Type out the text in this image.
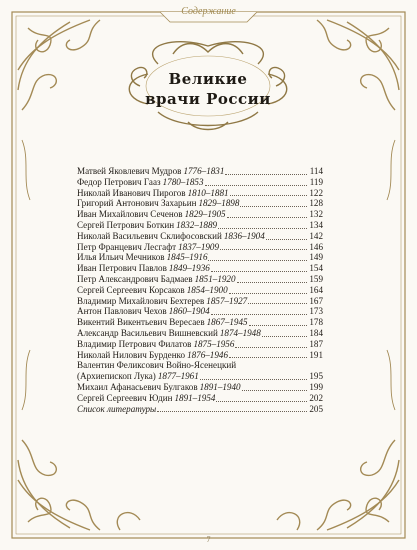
Содержание
Великие
врачи России
Матвей Яковлевич Мудров 1776–1831	114
Федор Петрович Гааз 1780–1853	119
Николай Иванович Пирогов 1810–1881	122
Григорий Антонович Захарьин 1829–1898	128
Иван Михайлович Сеченов 1829–1905	132
Сергей Петрович Боткин 1832–1889	134
Николай Васильевич Склифосовский 1836–1904	142
Петр Францевич Лесгафт 1837–1909	146
Илья Ильич Мечников 1845–1916	149
Иван Петрович Павлов 1849–1936	154
Петр Александрович Бадмаев 1851–1920	159
Сергей Сергеевич Корсаков 1854–1900	164
Владимир Михайлович Бехтерев 1857–1927	167
Антон Павлович Чехов 1860–1904	173
Викентий Викентьевич Вересаев 1867–1945	178
Александр Васильевич Вишневский 1874–1948	184
Владимир Петрович Филатов 1875–1956	187
Николай Нилович Бурденко 1876–1946	191
Валентин Феликсович Войно-Ясенецкий
(Архиепископ Лука) 1877–1961	195
Михаил Афанасьевич Булгаков 1891–1940	199
Сергей Сергеевич Юдин 1891–1954	202
Список литературы	205
7
